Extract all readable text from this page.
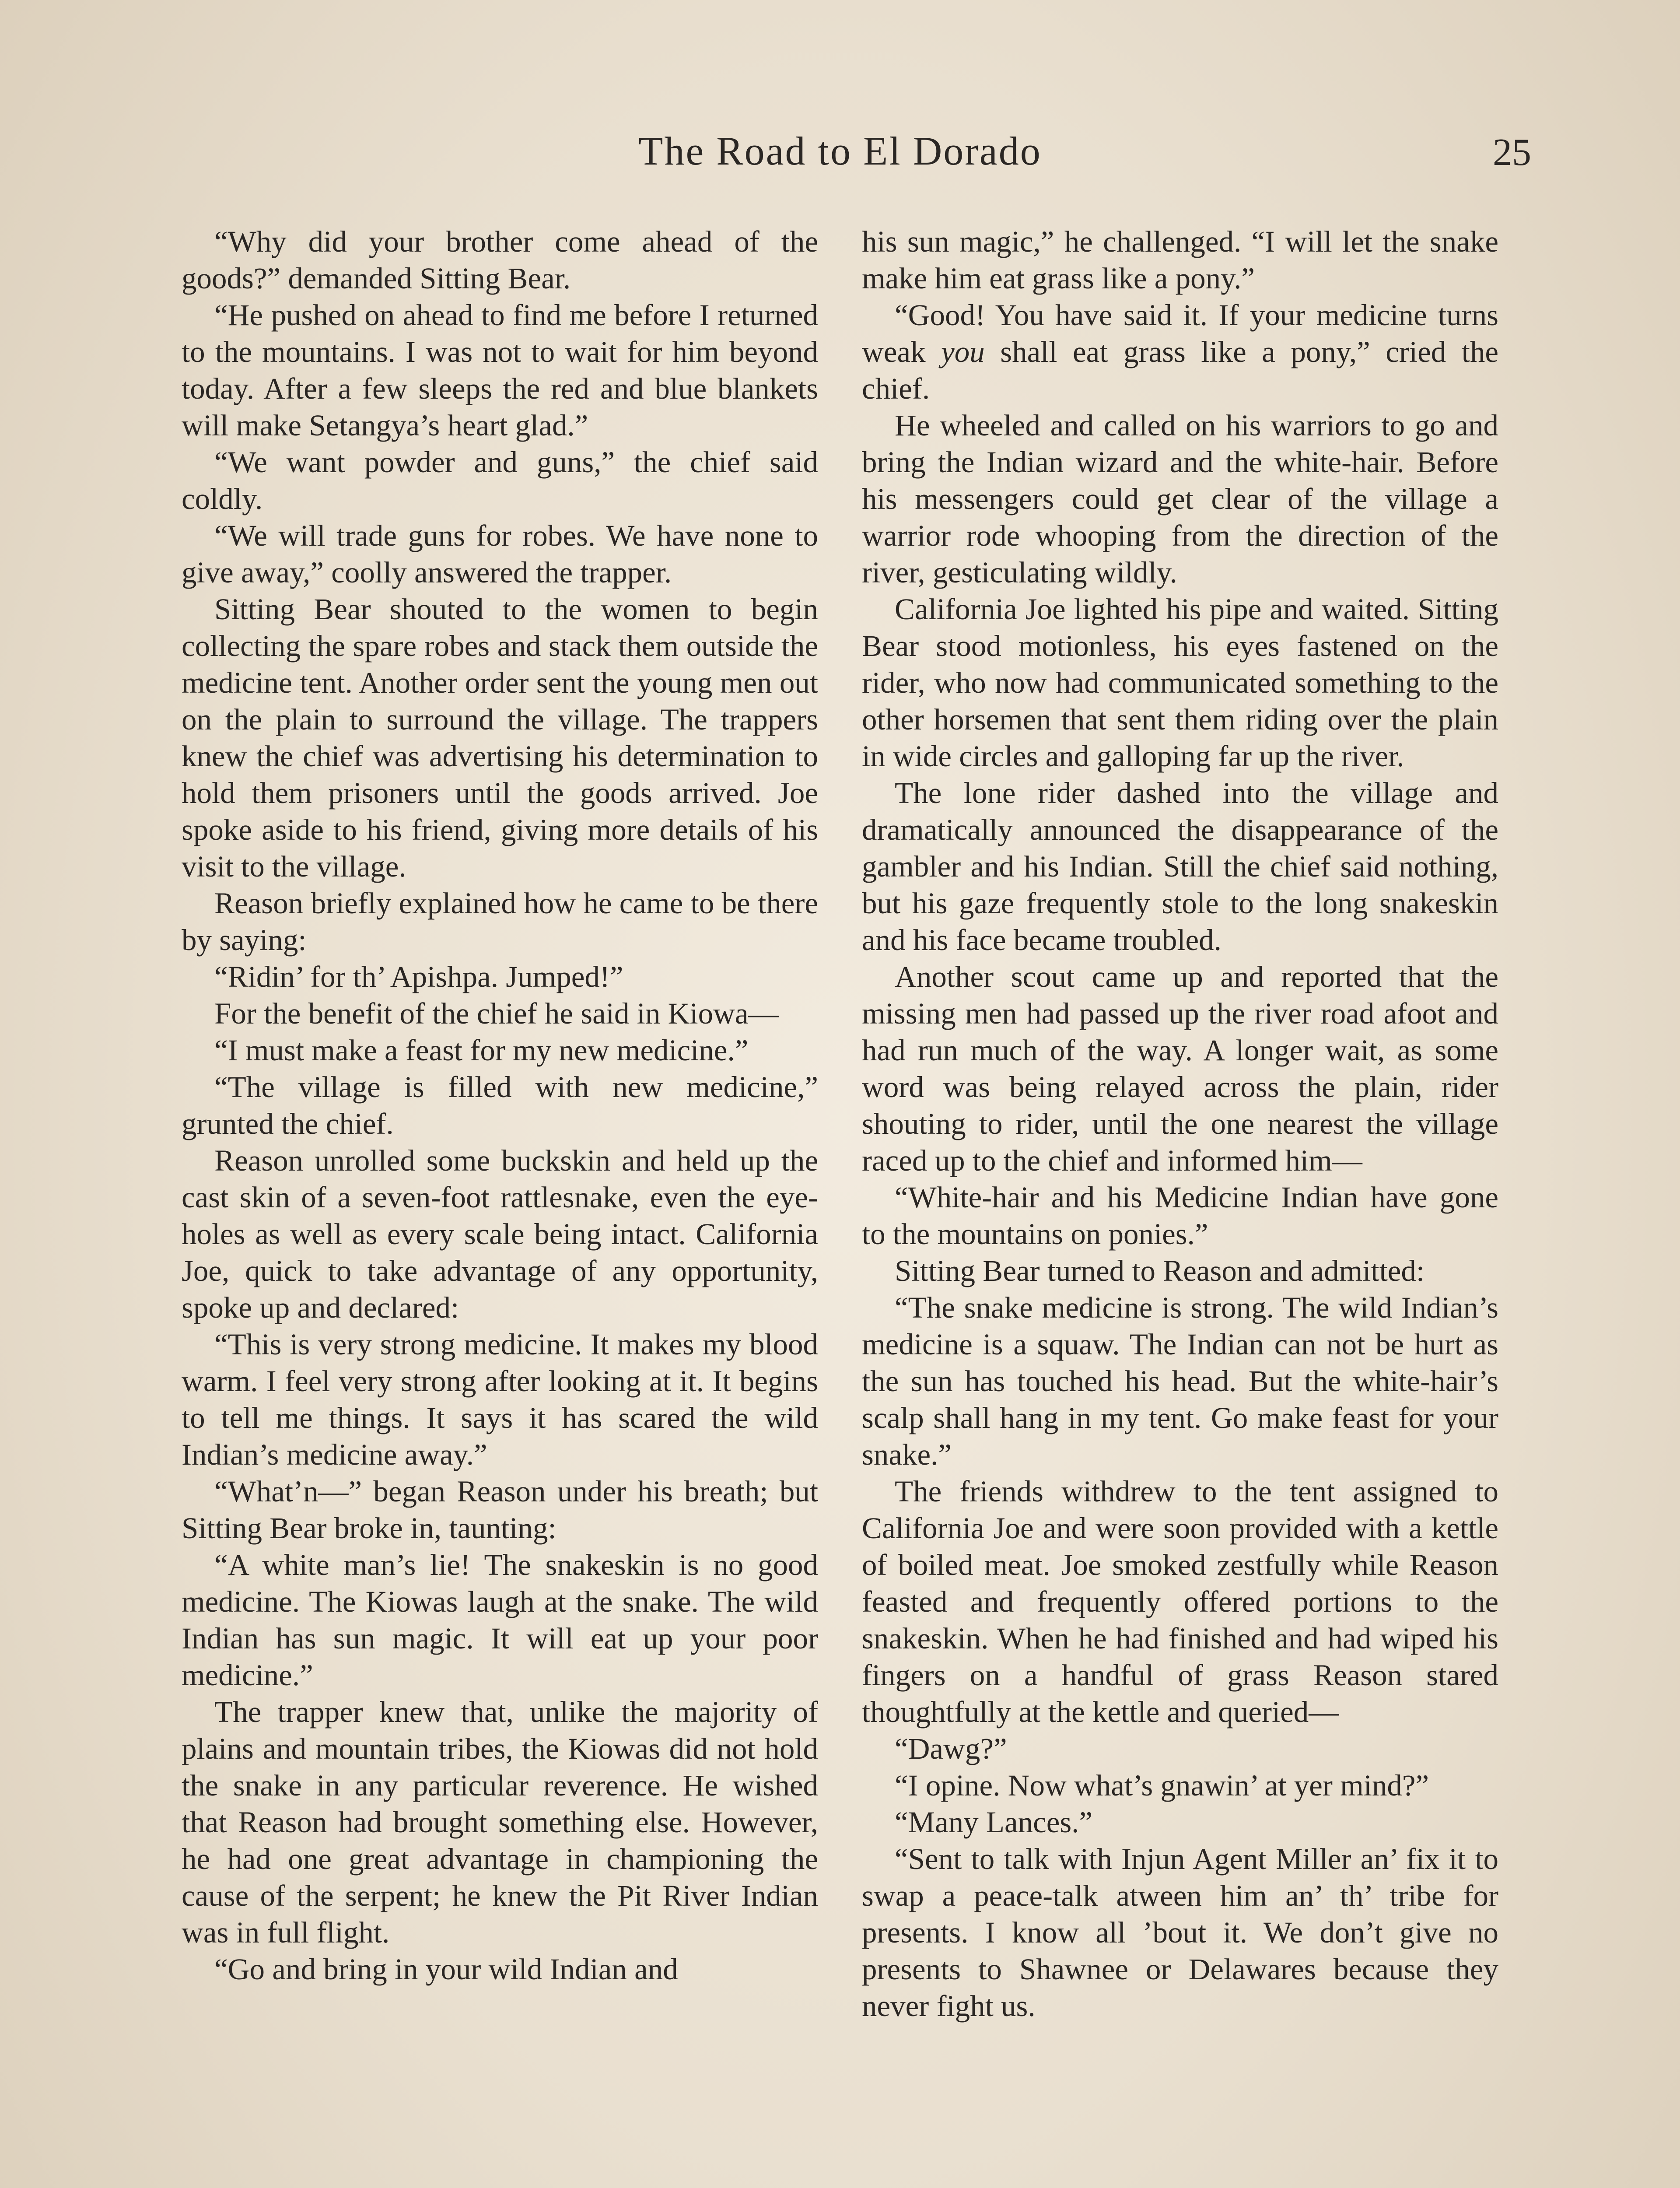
The Road to El Dorado	25

“Why did your brother come ahead of the goods?” demanded Sitting Bear.

“He pushed on ahead to find me before I returned to the mountains. I was not to wait for him beyond today. After a few sleeps the red and blue blankets will make Setangya’s heart glad.”

“We want powder and guns,” the chief said coldly.

“We will trade guns for robes. We have none to give away,” coolly answered the trapper.

Sitting Bear shouted to the women to begin collecting the spare robes and stack them outside the medicine tent. Another order sent the young men out on the plain to surround the village. The trappers knew the chief was advertising his determination to hold them prisoners until the goods arrived. Joe spoke aside to his friend, giving more details of his visit to the village.

Reason briefly explained how he came to be there by saying:

“Ridin’ for th’ Apishpa. Jumped!”

For the benefit of the chief he said in Kiowa—

“I must make a feast for my new medicine.”

“The village is filled with new medicine,” grunted the chief.

Reason unrolled some buckskin and held up the cast skin of a seven-foot rattlesnake, even the eye-holes as well as every scale being intact. California Joe, quick to take advantage of any opportunity, spoke up and declared:

“This is very strong medicine. It makes my blood warm. I feel very strong after looking at it. It begins to tell me things. It says it has scared the wild Indian’s medicine away.”

“What’n—” began Reason under his breath; but Sitting Bear broke in, taunting:

“A white man’s lie! The snakeskin is no good medicine. The Kiowas laugh at the snake. The wild Indian has sun magic. It will eat up your poor medicine.”

The trapper knew that, unlike the majority of plains and mountain tribes, the Kiowas did not hold the snake in any particular reverence. He wished that Reason had brought something else. However, he had one great advantage in championing the cause of the serpent; he knew the Pit River Indian was in full flight.

“Go and bring in your wild Indian and

his sun magic,” he challenged. “I will let the snake make him eat grass like a pony.”

“Good! You have said it. If your medicine turns weak you shall eat grass like a pony,” cried the chief.

He wheeled and called on his warriors to go and bring the Indian wizard and the white-hair. Before his messengers could get clear of the village a warrior rode whooping from the direction of the river, gesticulating wildly.

California Joe lighted his pipe and waited. Sitting Bear stood motionless, his eyes fastened on the rider, who now had communicated something to the other horsemen that sent them riding over the plain in wide circles and galloping far up the river.

The lone rider dashed into the village and dramatically announced the disappearance of the gambler and his Indian. Still the chief said nothing, but his gaze frequently stole to the long snakeskin and his face became troubled.

Another scout came up and reported that the missing men had passed up the river road afoot and had run much of the way. A longer wait, as some word was being relayed across the plain, rider shouting to rider, until the one nearest the village raced up to the chief and informed him—

“White-hair and his Medicine Indian have gone to the mountains on ponies.”

Sitting Bear turned to Reason and admitted:

“The snake medicine is strong. The wild Indian’s medicine is a squaw. The Indian can not be hurt as the sun has touched his head. But the white-hair’s scalp shall hang in my tent. Go make feast for your snake.”

The friends withdrew to the tent assigned to California Joe and were soon provided with a kettle of boiled meat. Joe smoked zestfully while Reason feasted and frequently offered portions to the snakeskin. When he had finished and had wiped his fingers on a handful of grass Reason stared thoughtfully at the kettle and queried—

“Dawg?”

“I opine. Now what’s gnawin’ at yer mind?”

“Many Lances.”

“Sent to talk with Injun Agent Miller an’ fix it to swap a peace-talk atween him an’ th’ tribe for presents. I know all ’bout it. We don’t give no presents to Shawnee or Delawares because they never fight us.
